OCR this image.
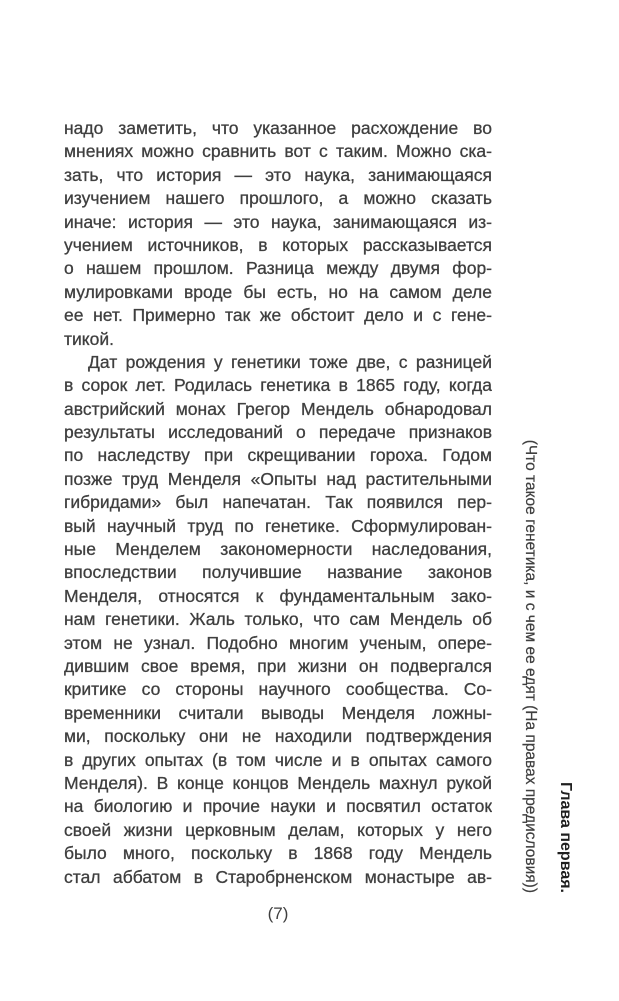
надо заметить, что указанное расхождение во
мнениях можно сравнить вот с таким. Можно ска-
зать, что история — это наука, занимающаяся
изучением нашего прошлого, а можно сказать
иначе: история — это наука, занимающаяся из-
учением источников, в которых рассказывается
о нашем прошлом. Разница между двумя фор-
мулировками вроде бы есть, но на самом деле
ее нет. Примерно так же обстоит дело и с гене-
тикой.
Дат рождения у генетики тоже две, с разницей
в сорок лет. Родилась генетика в 1865 году, когда
австрийский монах Грегор Мендель обнародовал
результаты исследований о передаче признаков
по наследству при скрещивании гороха. Годом
позже труд Менделя «Опыты над растительными
гибридами» был напечатан. Так появился пер-
вый научный труд по генетике. Сформулирован-
ные Менделем закономерности наследования,
впоследствии получившие название законов
Менделя, относятся к фундаментальным зако-
нам генетики. Жаль только, что сам Мендель об
этом не узнал. Подобно многим ученым, опере-
дившим свое время, при жизни он подвергался
критике со стороны научного сообщества. Со-
временники считали выводы Менделя ложны-
ми, поскольку они не находили подтверждения
в других опытах (в том числе и в опытах самого
Менделя). В конце концов Мендель махнул рукой
на биологию и прочие науки и посвятил остаток
своей жизни церковным делам, которых у него
было много, поскольку в 1868 году Мендель
стал аббатом в Старобрненском монастыре ав-	Глава первая.
(Что такое генетика, и с чем ее едят (На правах предисловия))
(7)
